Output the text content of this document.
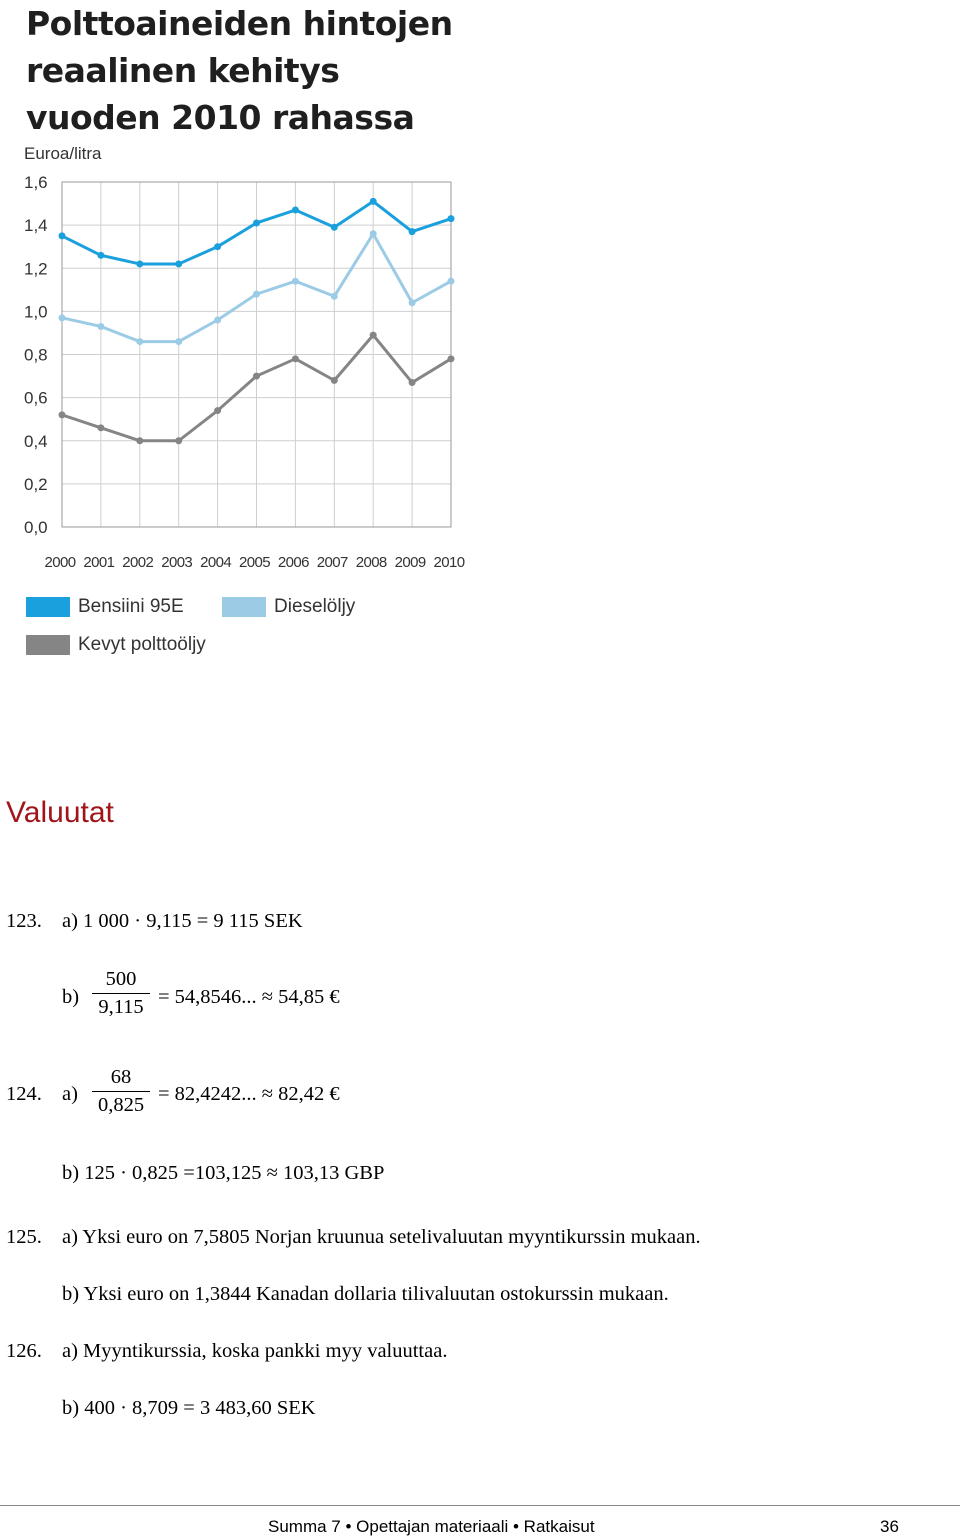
Polttoaineiden hintojen
reaalinen kehitys
vuoden 2010 rahassa
Euroa/litra
0,0
0,2
0,4
0,6
0,8
1,0
1,2
1,4
1,6
2000 2001 2002 2003 2004 2005 2006 2007 2008 2009 2010
Bensiini 95E	Dieselöljy
Kevyt polttoöljy
Valuutat
123. a) 1 000 · 9,115 = 9 115 SEK
b)
500
9,115 = 54,8546... ≈ 54,85 €
124. a)
68
0,825 = 82,4242... ≈ 82,42 €
b) 125 · 0,825 =103,125 ≈ 103,13 GBP
125. a) Yksi euro on 7,5805 Norjan kruunua setelivaluutan myyntikurssin mukaan.
b) Yksi euro on 1,3844 Kanadan dollaria tilivaluutan ostokurssin mukaan.
126. a) Myyntikurssia, koska pankki myy valuuttaa.
b) 400 · 8,709 = 3 483,60 SEK
Summa 7 • Opettajan materiaali • Ratkaisut	36
